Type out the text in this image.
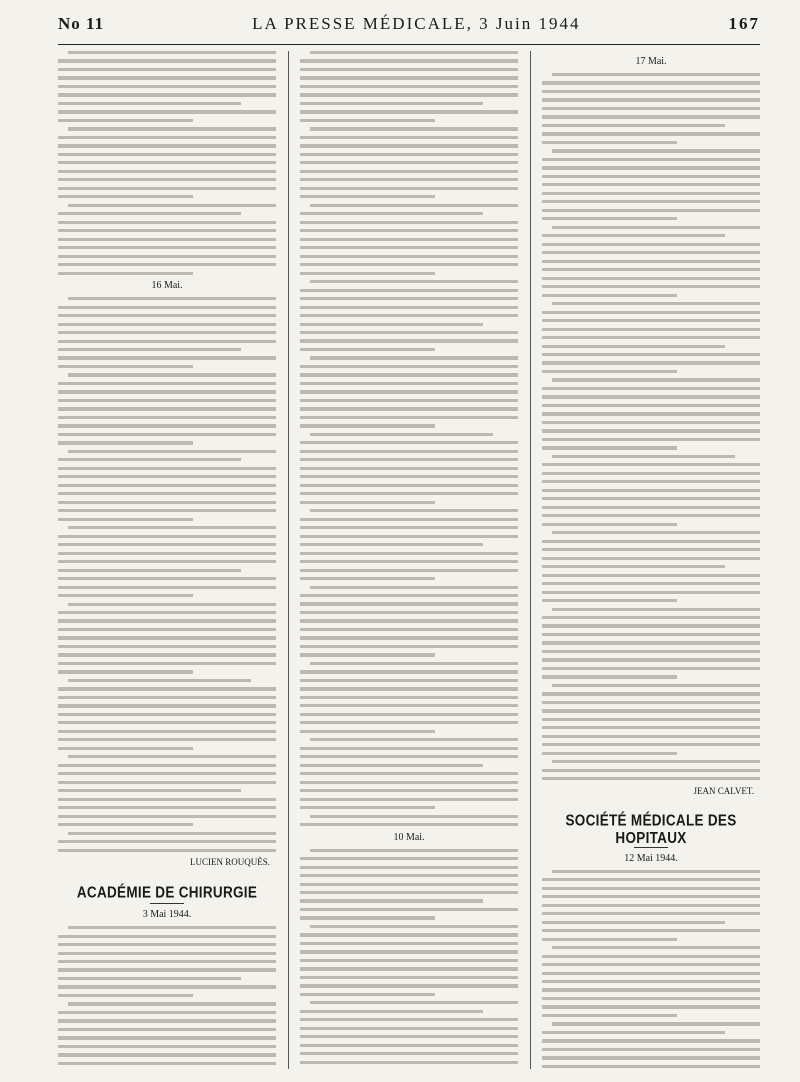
No 11	LA PRESSE MÉDICALE, 3 Juin 1944	167
16 Mai.
LUCIEN ROUQUÈS.
ACADÉMIE DE CHIRURGIE
3 Mai 1944.
10 Mai.
17 Mai.
JEAN CALVET.
SOCIÉTÉ MÉDICALE DES HOPITAUX
12 Mai 1944.
